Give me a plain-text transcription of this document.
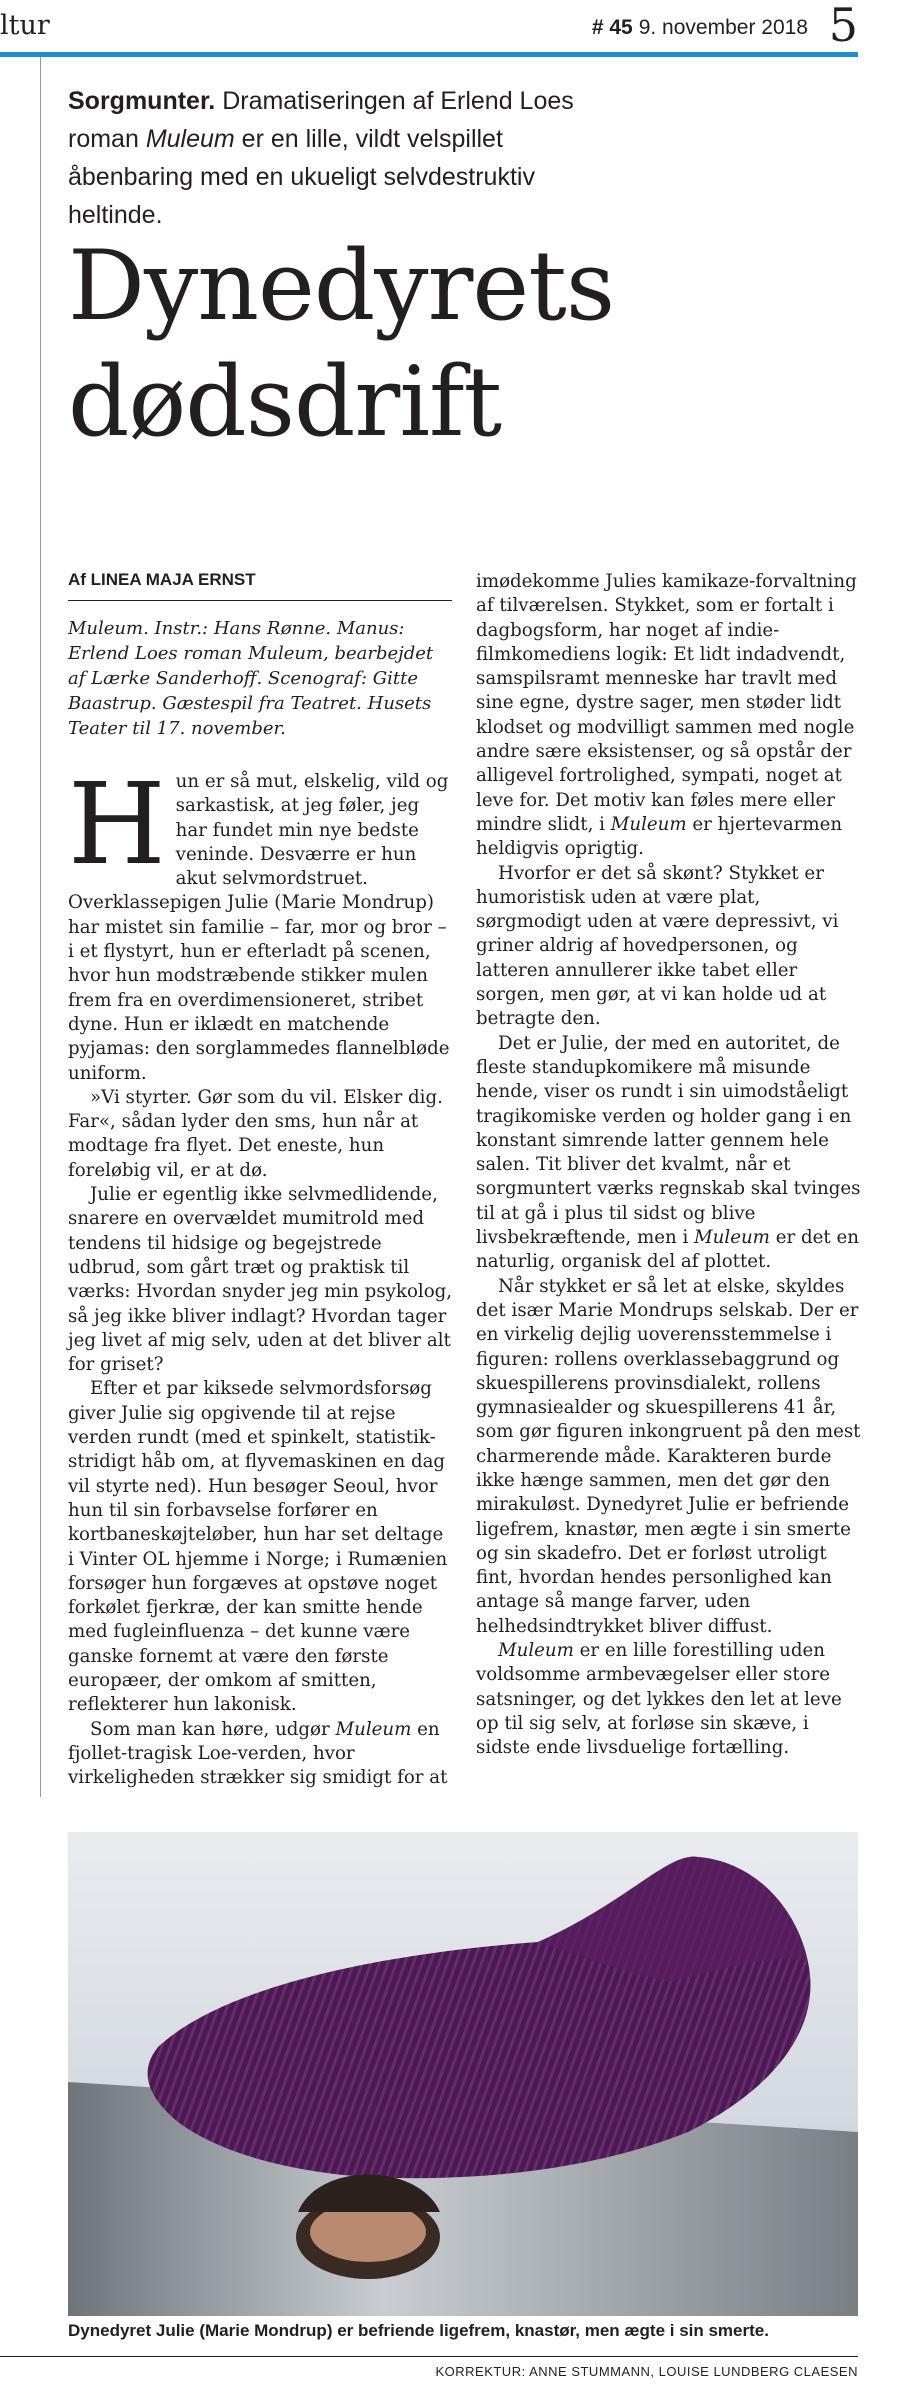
ltur	# 45 9. november 2018 5
Sorgmunter. Dramatiseringen af Erlend Loes roman Muleum er en lille, vildt velspillet åbenbaring med en ukueligt selvdestruktiv heltinde.
Dynedyrets
dødsdrift
Af LINEA MAJA ERNST
Muleum. Instr.: Hans Rønne. Manus: Erlend Loes roman Muleum, bearbejdet af Lærke Sanderhoff. Scenograf: Gitte Baastrup. Gæstespil fra Teatret. Husets Teater til 17. november.

Hun er så mut, elskelig, vild og sarkastisk, at jeg føler, jeg har fundet min nye bedste veninde. Desværre er hun akut selvmordstruet. Overklassepigen Julie (Marie Mondrup) har mistet sin familie – far, mor og bror – i et flystyrt, hun er efterladt på scenen, hvor hun modstræbende stikker mulen frem fra en overdimensioneret, stribet dyne. Hun er iklædt en matchende pyjamas: den sorglammedes flannelbløde uniform.

»Vi styrter. Gør som du vil. Elsker dig. Far«, sådan lyder den sms, hun når at modtage fra flyet. Det eneste, hun foreløbig vil, er at dø.

Julie er egentlig ikke selvmedlidende, snarere en overvældet mumitrold med tendens til hidsige og begejstrede udbrud, som gårt træt og praktisk til værks: Hvordan snyder jeg min psykolog, så jeg ikke bliver indlagt? Hvordan tager jeg livet af mig selv, uden at det bliver alt for griset?

Efter et par kiksede selvmordsforsøg giver Julie sig opgivende til at rejse verden rundt (med et spinkelt, statistik-stridigt håb om, at flyvemaskinen en dag vil styrte ned). Hun besøger Seoul, hvor hun til sin forbavselse forfører en kortbaneskøjteløber, hun har set deltage i Vinter OL hjemme i Norge; i Rumænien forsøger hun forgæves at opstøve noget forkølet fjerkræ, der kan smitte hende med fugleinfluenza – det kunne være ganske fornemt at være den første europæer, der omkom af smitten, reflekterer hun lakonisk.

Som man kan høre, udgør Muleum en fjollet-tragisk Loe-verden, hvor virkeligheden strækker sig smidigt for at

imødekomme Julies kamikaze-forvaltning af tilværelsen. Stykket, som er fortalt i dagbogsform, har noget af indie-filmkomediens logik: Et lidt indadvendt, samspilsramt menneske har travlt med sine egne, dystre sager, men støder lidt klodset og modvilligt sammen med nogle andre sære eksistenser, og så opstår der alligevel fortrolighed, sympati, noget at leve for. Det motiv kan føles mere eller mindre slidt, i Muleum er hjertevarmen heldigvis oprigtig.

Hvorfor er det så skønt? Stykket er humoristisk uden at være plat, sørgmodigt uden at være depressivt, vi griner aldrig af hovedpersonen, og latteren annullerer ikke tabet eller sorgen, men gør, at vi kan holde ud at betragte den.

Det er Julie, der med en autoritet, de fleste standupkomikere må misunde hende, viser os rundt i sin uimodståeligt tragikomiske verden og holder gang i en konstant simrende latter gennem hele salen. Tit bliver det kvalmt, når et sorgmuntert værks regnskab skal tvinges til at gå i plus til sidst og blive livsbekræftende, men i Muleum er det en naturlig, organisk del af plottet.

Når stykket er så let at elske, skyldes det især Marie Mondrups selskab. Der er en virkelig dejlig uoverensstemmelse i figuren: rollens overklassebaggrund og skuespillerens provinsdialekt, rollens gymnasiealder og skuespillerens 41 år, som gør figuren inkongruent på den mest charmerende måde. Karakteren burde ikke hænge sammen, men det gør den mirakuløst. Dynedyret Julie er befriende ligefrem, knastør, men ægte i sin smerte og sin skadefro. Det er forløst utroligt fint, hvordan hendes personlighed kan antage så mange farver, uden helhedsindtrykket bliver diffust.

Muleum er en lille forestilling uden voldsomme armbevægelser eller store satsninger, og det lykkes den let at leve op til sig selv, at forløse sin skæve, i sidste ende livsduelige fortælling.

Dynedyret Julie (Marie Mondrup) er befriende ligefrem, knastør, men ægte i sin smerte.
KORREKTUR: ANNE STUMMANN, LOUISE LUNDBERG CLAESEN
